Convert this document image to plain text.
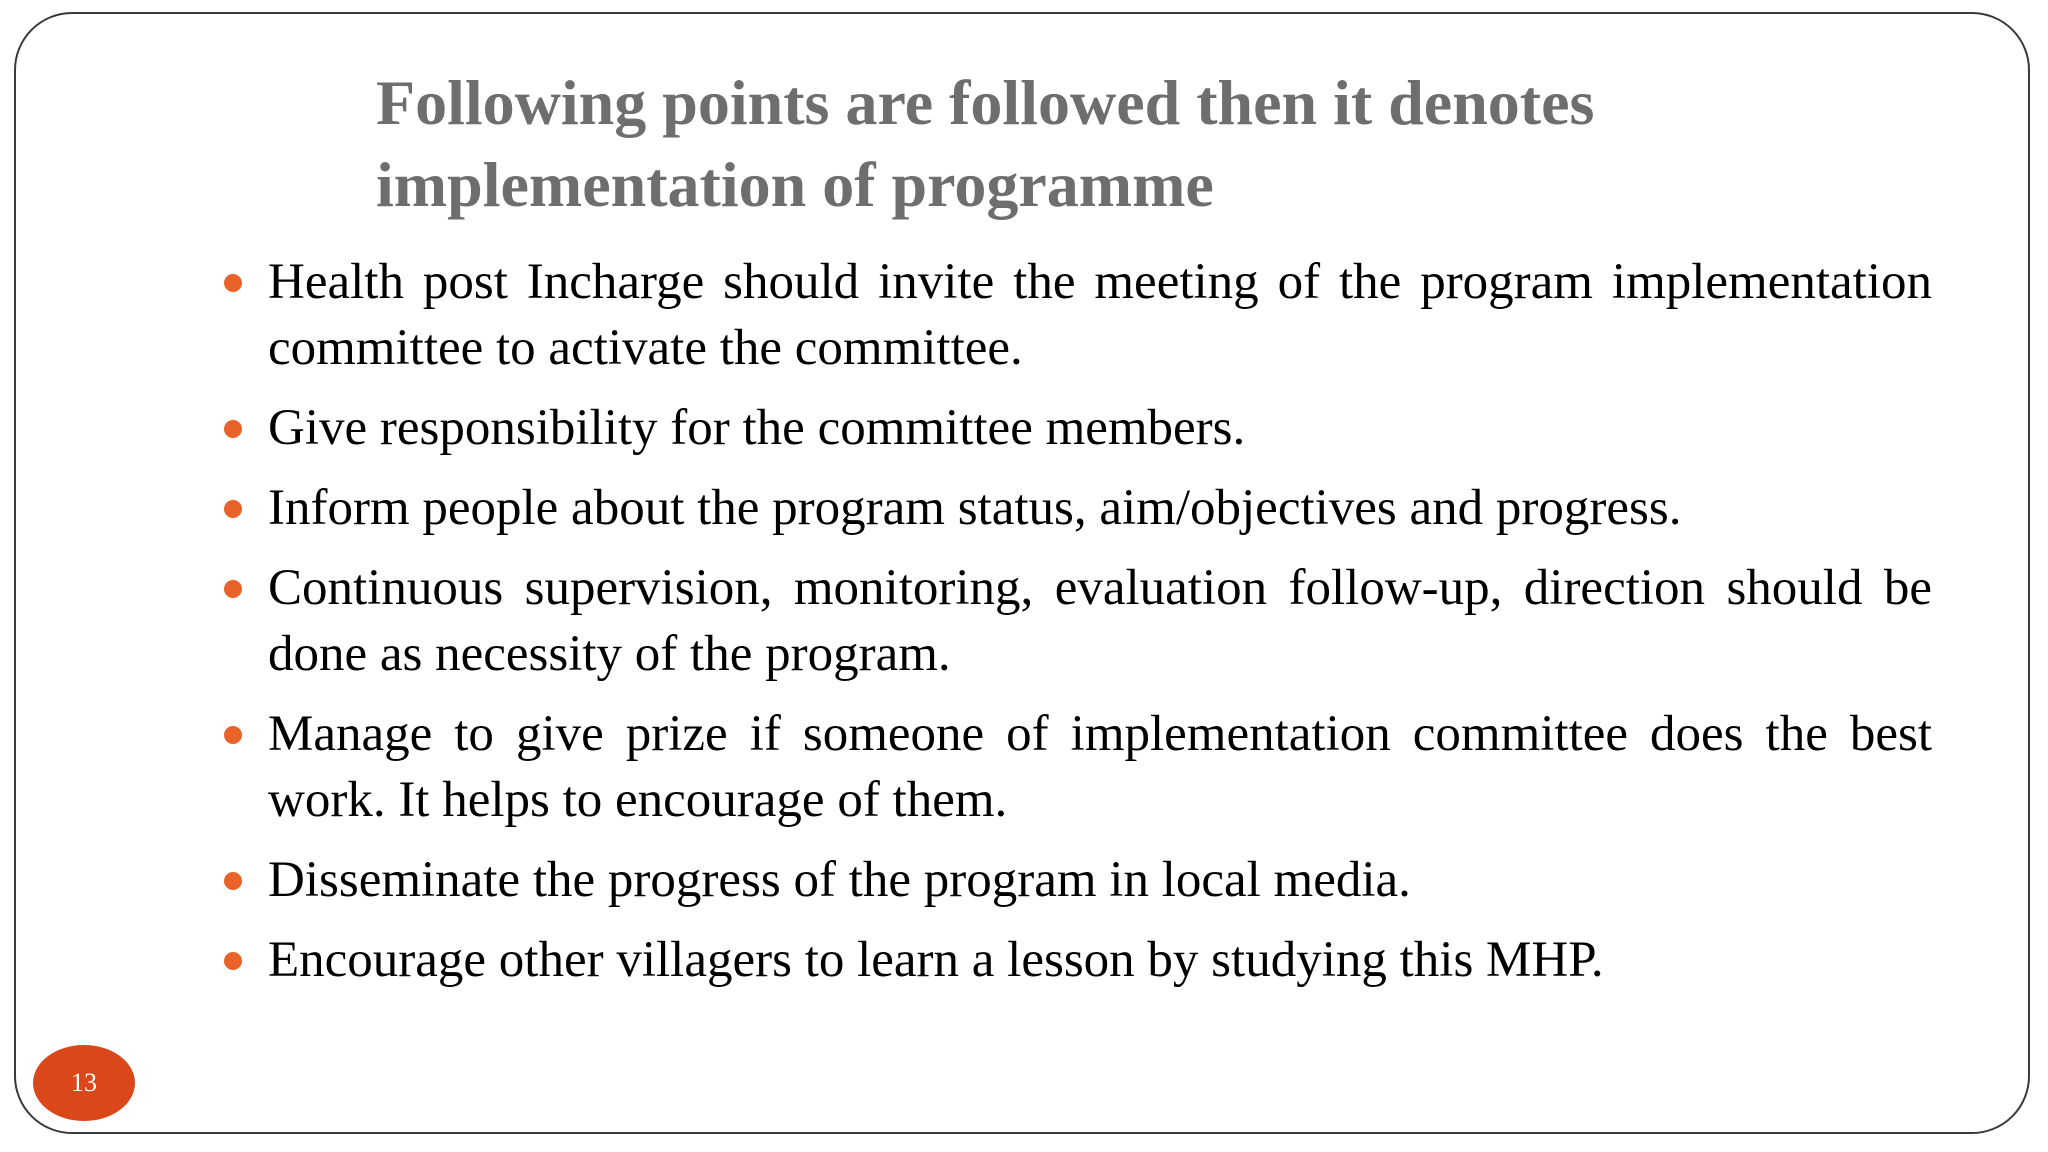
Following points are followed then it denotes
implementation of programme
Health post Incharge should invite the meeting of the program implementation committee to activate the committee.
Give responsibility for the committee members.
Inform people about the program status, aim/objectives and progress.
Continuous supervision, monitoring, evaluation follow-up, direction should be done as necessity of the program.
Manage to give prize if someone of implementation committee does the best work. It helps to encourage of them.
Disseminate the progress of the program in local media.
Encourage other villagers to learn a lesson by studying this MHP.
13
